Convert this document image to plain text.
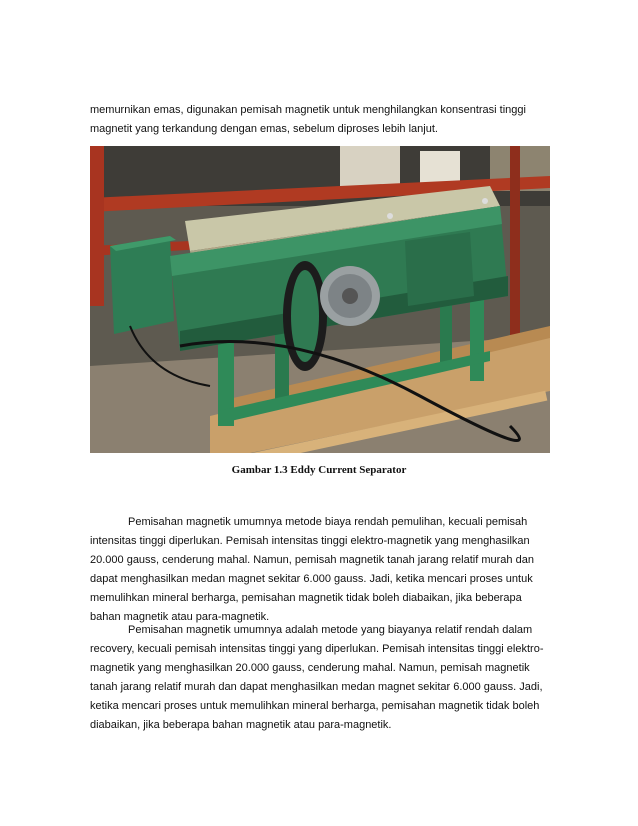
memurnikan emas, digunakan pemisah magnetik untuk menghilangkan konsentrasi tinggi magnetit yang terkandung dengan emas, sebelum diproses lebih lanjut.

Gambar 1.3 Eddy Current Separator

Pemisahan magnetik umumnya metode biaya rendah pemulihan, kecuali pemisah intensitas tinggi diperlukan. Pemisah intensitas tinggi elektro-magnetik yang menghasilkan 20.000 gauss, cenderung mahal. Namun, pemisah magnetik tanah jarang relatif murah dan dapat menghasilkan medan magnet sekitar 6.000 gauss. Jadi, ketika mencari proses untuk memulihkan mineral berharga, pemisahan magnetik tidak boleh diabaikan, jika beberapa bahan magnetik atau para-magnetik.

Pemisahan magnetik umumnya adalah metode yang biayanya relatif rendah dalam recovery, kecuali pemisah intensitas tinggi yang diperlukan. Pemisah intensitas tinggi elektro-magnetik yang menghasilkan 20.000 gauss, cenderung mahal. Namun, pemisah magnetik tanah jarang relatif murah dan dapat menghasilkan medan magnet sekitar 6.000 gauss. Jadi, ketika mencari proses untuk memulihkan mineral berharga, pemisahan magnetik tidak boleh diabaikan, jika beberapa bahan magnetik atau para-magnetik.
